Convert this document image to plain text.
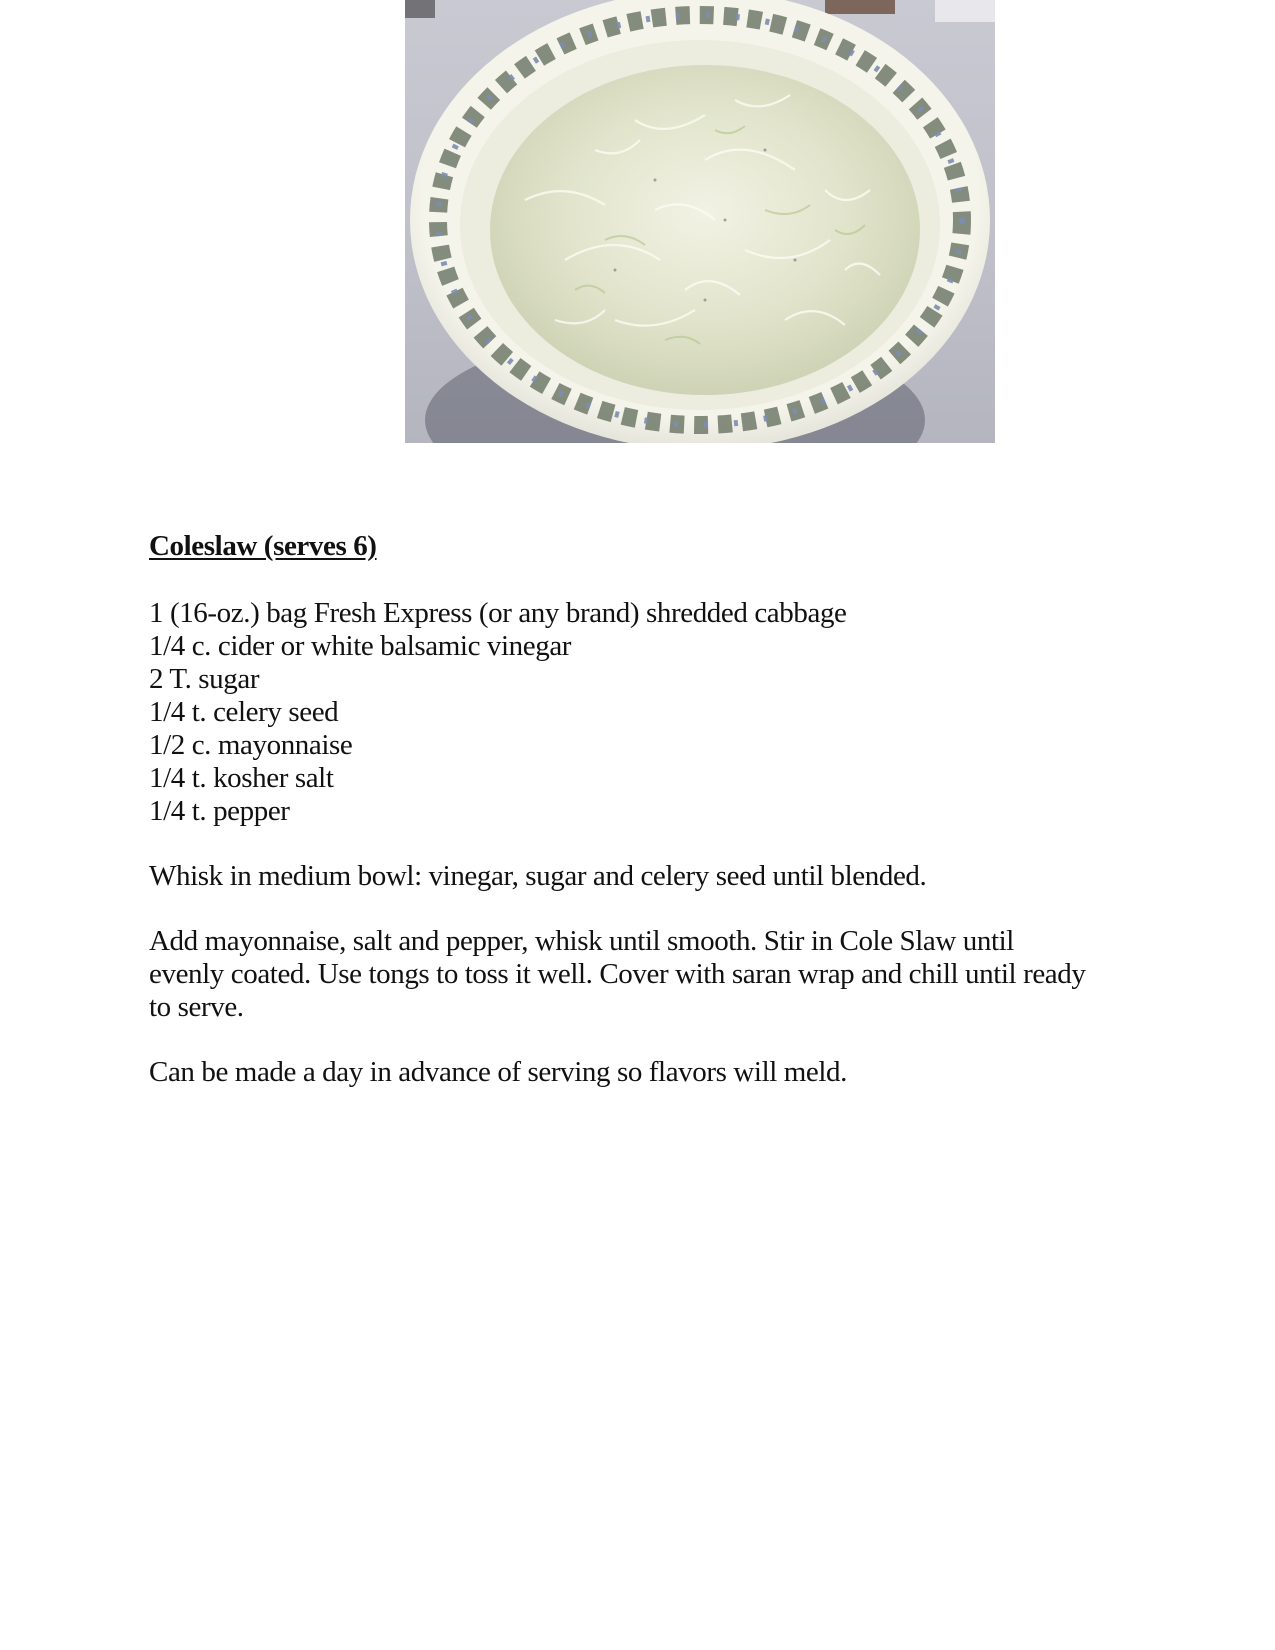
Coleslaw (serves 6)
1 (16-oz.) bag Fresh Express (or any brand) shredded cabbage
1/4 c. cider or white balsamic vinegar
2 T. sugar
1/4 t. celery seed
1/2 c. mayonnaise
1/4 t. kosher salt
1/4 t. pepper

Whisk in medium bowl: vinegar, sugar and celery seed until blended.

Add mayonnaise, salt and pepper, whisk until smooth. Stir in Cole Slaw until evenly coated. Use tongs to toss it well. Cover with saran wrap and chill until ready to serve.

Can be made a day in advance of serving so flavors will meld.
